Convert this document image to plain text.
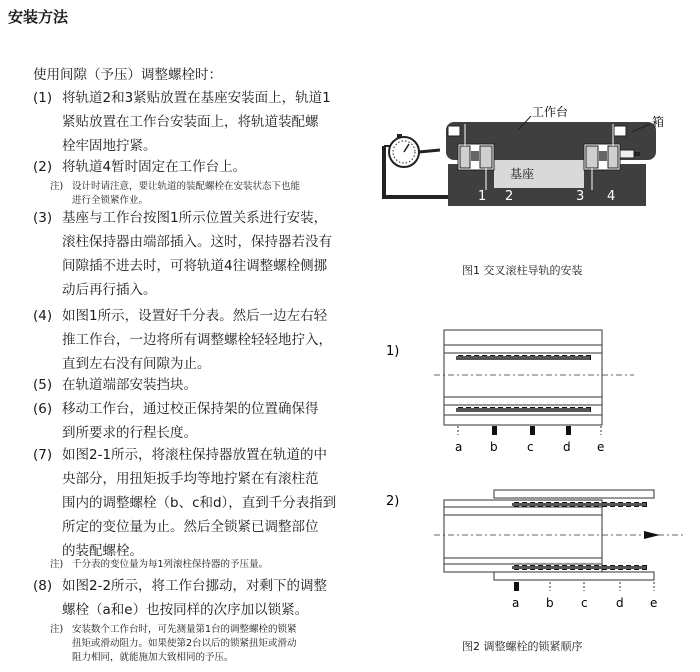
安装方法
使用间隙（予压）调整螺栓时：
(1) 将轨道2和3紧贴放置在基座安装面上，轨道1
紧贴放置在工作台安装面上，将轨道装配螺
栓牢固地拧紧。
(2) 将轨道4暂时固定在工作台上。
(3) 基座与工作台按图1所示位置关系进行安装，
滚柱保持器由端部插入。这时，保持器若没有
间隙插不进去时，可将轨道4往调整螺栓侧挪
动后再行插入。
(4) 如图1所示，设置好千分表。然后一边左右轻
推工作台，一边将所有调整螺栓轻轻地拧入，
直到左右没有间隙为止。
(5) 在轨道端部安装挡块。
(6) 移动工作台，通过校正保持架的位置确保得
到所要求的行程长度。
(7) 如图2-1所示，将滚柱保持器放置在轨道的中
央部分，用扭矩扳手均等地拧紧在有滚柱范
围内的调整螺栓（b、c和d），直到千分表指到
所定的变位量为止。然后全锁紧已调整部位
的装配螺栓。
(8) 如图2-2所示，将工作台挪动，对剩下的调整
螺栓（a和e）也按同样的次序加以锁紧。
注) 设计时请注意，要让轨道的装配螺栓在安装状态下也能
进行全锁紧作业。
注) 千分表的变位量为每1列滚柱保持器的予压量。
注) 安装数个工作台时，可先测量第1台的调整螺栓的锁紧
扭矩或滑动阻力。如果使第2台以后的锁紧扭矩或滑动
阻力相同，就能施加大致相同的予压。
工作台
箱
基座
1 2	3 4
图1 交叉滚柱导轨的安装
1)
a b c d e
2)
a b c d e
图2 调整螺栓的锁紧顺序
